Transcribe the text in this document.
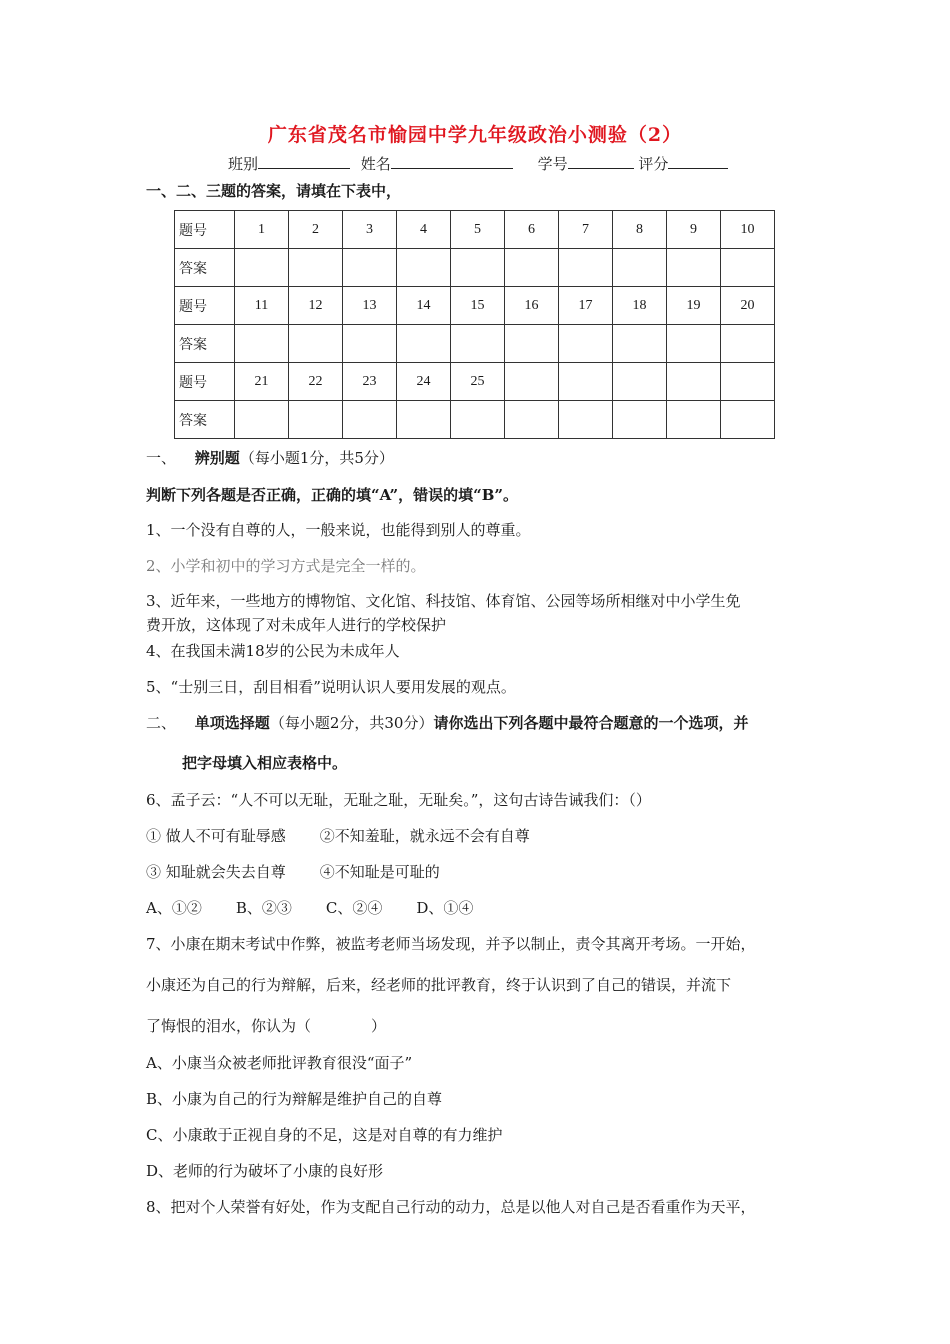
广东省茂名市愉园中学九年级政治小测验（2）
班别	姓名	学号	评分
一、二、三题的答案，请填在下表中，
题号	1	2	3	4	5	6	7	8	9	10
答案										
题号	11	12	13	14	15	16	17	18	19	20
答案										
题号	21	22	23	24	25					
答案										
一、 辨别题（每小题1分，共5分）
判断下列各题是否正确，正确的填“A”，错误的填“B”。
1、一个没有自尊的人，一般来说，也能得到别人的尊重。
2、小学和初中的学习方式是完全一样的。
3、近年来，一些地方的博物馆、文化馆、科技馆、体育馆、公园等场所相继对中小学生免
费开放，这体现了对未成年人进行的学校保护
4、在我国未满18岁的公民为未成年人
5、“士别三日，刮目相看”说明认识人要用发展的观点。
二、 单项选择题（每小题2分，共30分）请你选出下列各题中最符合题意的一个选项，并
把字母填入相应表格中。
6、孟子云：“人不可以无耻，无耻之耻，无耻矣。”，这句古诗告诫我们：（）
① 做人不可有耻辱感 ②不知羞耻，就永远不会有自尊
③ 知耻就会失去自尊 ④不知耻是可耻的
A、①② B、②③ C、②④ D、①④
7、小康在期末考试中作弊，被监考老师当场发现，并予以制止，责令其离开考场。一开始，
小康还为自己的行为辩解，后来，经老师的批评教育，终于认识到了自己的错误，并流下
了悔恨的泪水，你认为（　　　　）
A、小康当众被老师批评教育很没“面子”
B、小康为自己的行为辩解是维护自己的自尊
C、小康敢于正视自身的不足，这是对自尊的有力维护
D、老师的行为破坏了小康的良好形
8、把对个人荣誉有好处，作为支配自己行动的动力，总是以他人对自己是否看重作为天平，
